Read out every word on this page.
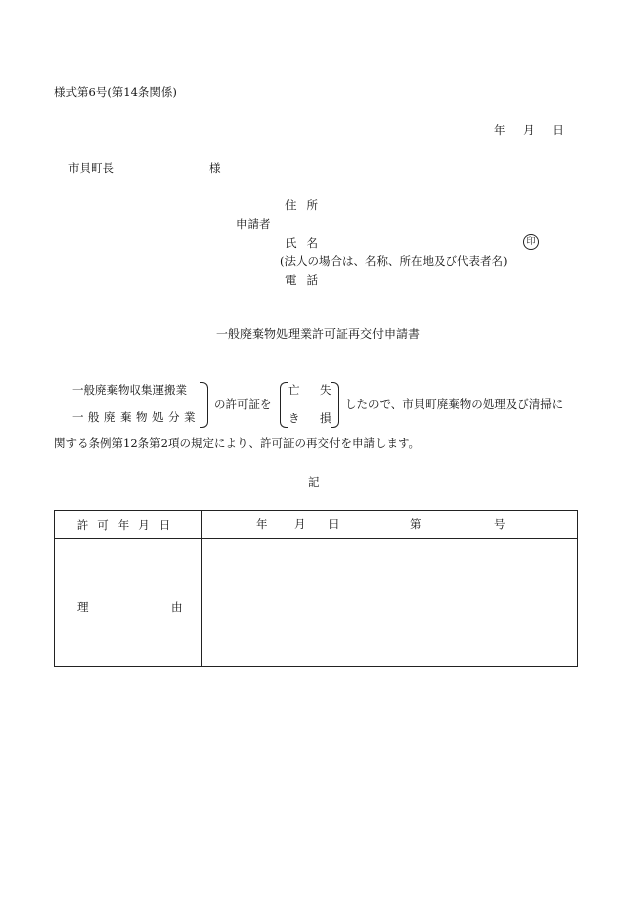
様式第6号(第14条関係)
年 月 日
市貝町長	様
住所
申請者
氏名	印
(法人の場合は、名称、所在地及び代表者名)
電話
一般廃棄物処理業許可証再交付申請書
一般廃棄物収集運搬業
一般廃棄物処分業
の許可証を
亡 失
き 損
したので、市貝町廃棄物の処理及び清掃に
関する条例第12条第2項の規定により、許可証の再交付を申請します。
記
許可年月日	年 月 日 第 号

理 由	
